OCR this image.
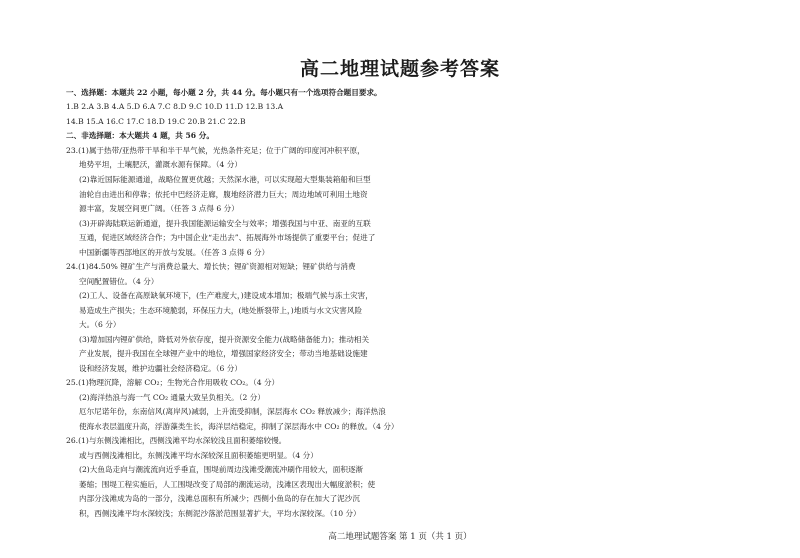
高二地理试题参考答案
一、选择题：本题共 22 小题，每小题 2 分，共 44 分。每小题只有一个选项符合题目要求。
1.B 2.A 3.B 4.A 5.D 6.A 7.C 8.D 9.C 10.D 11.D 12.B 13.A
14.B 15.A 16.C 17.C 18.D 19.C 20.B 21.C 22.B
二、非选择题：本大题共 4 题，共 56 分。
23.(1)属于热带/亚热带干旱和半干旱气候，光热条件充足；位于广阔的印度河冲积平原，
地势平坦，土壤肥沃，灌溉水源有保障。（4 分）
(2)靠近国际能源通道，战略位置更优越；天然深水港，可以实现超大型集装箱船和巨型
油轮自由进出和停靠；依托中巴经济走廊，腹地经济潜力巨大；周边地域可利用土地资
源丰富，发展空间更广阔。（任答 3 点得 6 分）
(3)开辟海陆联运新通道，提升我国能源运输安全与效率；增强我国与中亚、南亚的互联
互通，促进区域经济合作；为中国企业“走出去”、拓展海外市场提供了重要平台；促进了
中国新疆等西部地区的开放与发展。（任答 3 点得 6 分）
24.(1)84.50% 锂矿生产与消费总量大、增长快；锂矿资源相对短缺；锂矿供给与消费
空间配置错位。（4 分）
(2)工人、设备在高原缺氧环境下，(生产难度大，)建设成本增加；极端气候与冻土灾害，
易造成生产损失；生态环境脆弱，环保压力大，(地处断裂带上，)地质与水文灾害风险
大。（6 分）
(3)增加国内锂矿供给，降低对外依存度，提升资源安全能力(战略储备能力)；推动相关
产业发展，提升我国在全球锂产业中的地位，增强国家经济安全；带动当地基础设施建
设和经济发展，维护边疆社会经济稳定。（6 分）
25.(1)物理沉降，溶解 CO₂；生物光合作用吸收 CO₂。（4 分）
(2)海洋热浪与海一气 CO₂ 通量大致呈负相关。（2 分）
厄尔尼诺年份，东南信风(离岸风)减弱，上升流受抑制，深层海水 CO₂ 释放减少；海洋热浪
使海水表层温度升高，浮游藻类生长，海洋层结稳定，抑制了深层海水中 CO₂ 的释放。（4 分）
26.(1)与东侧浅滩相比，西侧浅滩平均水深较浅且面积萎缩较慢。
或与西侧浅滩相比，东侧浅滩平均水深较深且面积萎缩更明显。（4 分）
(2)大鱼岛走向与潮流流向近乎垂直，围堤前周边浅滩受潮流冲刷作用较大，面积逐渐
萎缩；围堤工程实施后，人工围堤改变了局部的潮流运动，浅滩区表现出大幅度淤积；使
内部分浅滩成为岛的一部分，浅滩总面积有所减少；西侧小鱼岛的存在加大了泥沙沉
积，西侧浅滩平均水深较浅；东侧泥沙落淤范围显著扩大，平均水深较深。（10 分）
高二地理试题答案 第 1 页（共 1 页）
